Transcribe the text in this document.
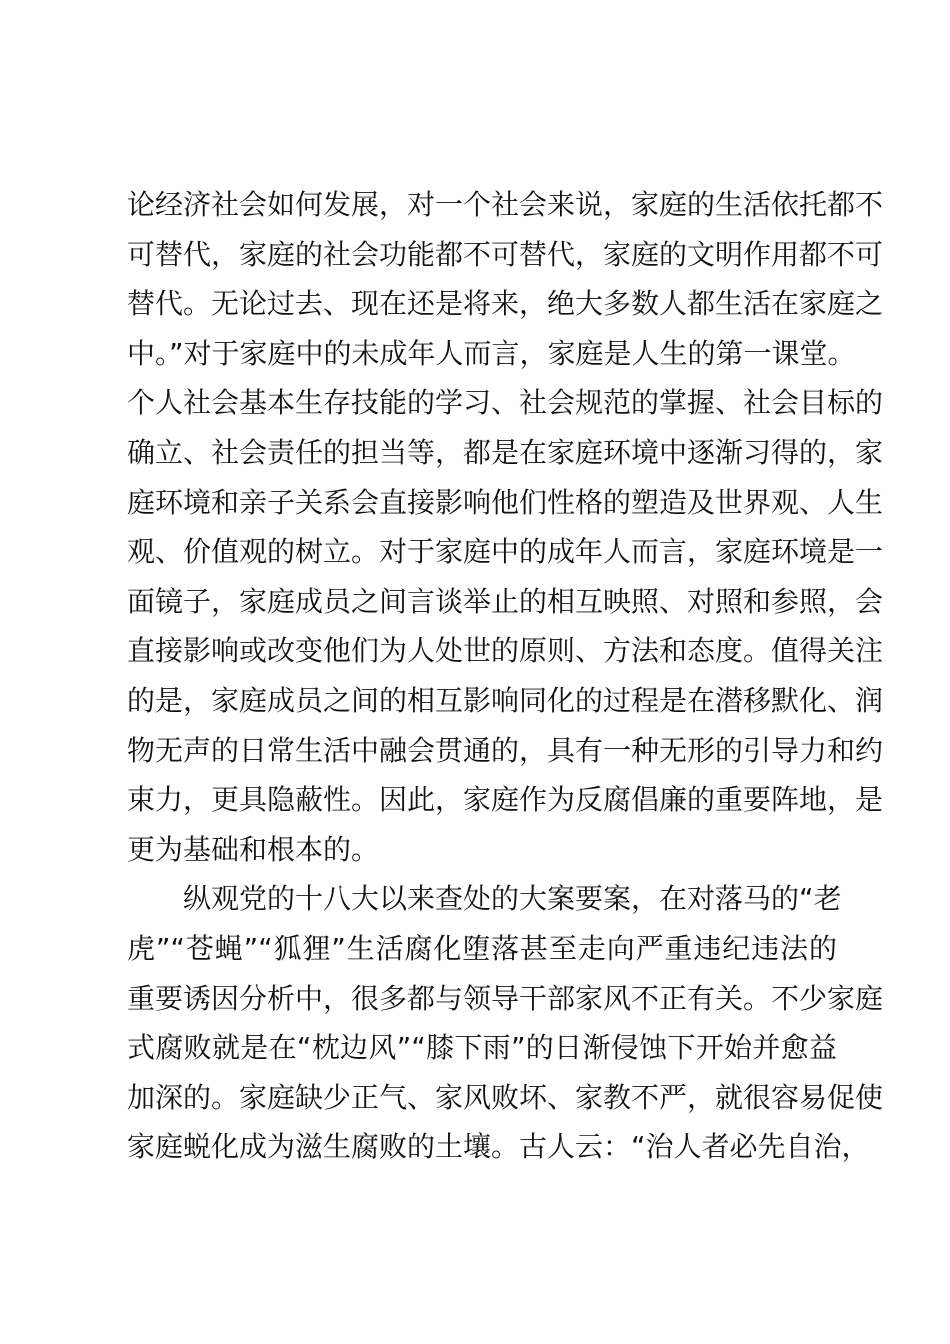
论经济社会如何发展，对一个社会来说，家庭的生活依托都不
可替代，家庭的社会功能都不可替代，家庭的文明作用都不可
替代。无论过去、现在还是将来，绝大多数人都生活在家庭之
中。”对于家庭中的未成年人而言，家庭是人生的第一课堂。
个人社会基本生存技能的学习、社会规范的掌握、社会目标的
确立、社会责任的担当等，都是在家庭环境中逐渐习得的，家
庭环境和亲子关系会直接影响他们性格的塑造及世界观、人生
观、价值观的树立。对于家庭中的成年人而言，家庭环境是一
面镜子，家庭成员之间言谈举止的相互映照、对照和参照，会
直接影响或改变他们为人处世的原则、方法和态度。值得关注
的是，家庭成员之间的相互影响同化的过程是在潜移默化、润
物无声的日常生活中融会贯通的，具有一种无形的引导力和约
束力，更具隐蔽性。因此，家庭作为反腐倡廉的重要阵地，是
更为基础和根本的。
纵观党的十八大以来查处的大案要案，在对落马的“老
虎”“苍蝇”“狐狸”生活腐化堕落甚至走向严重违纪违法的
重要诱因分析中，很多都与领导干部家风不正有关。不少家庭
式腐败就是在“枕边风”“膝下雨”的日渐侵蚀下开始并愈益
加深的。家庭缺少正气、家风败坏、家教不严，就很容易促使
家庭蜕化成为滋生腐败的土壤。古人云：“治人者必先自治，
